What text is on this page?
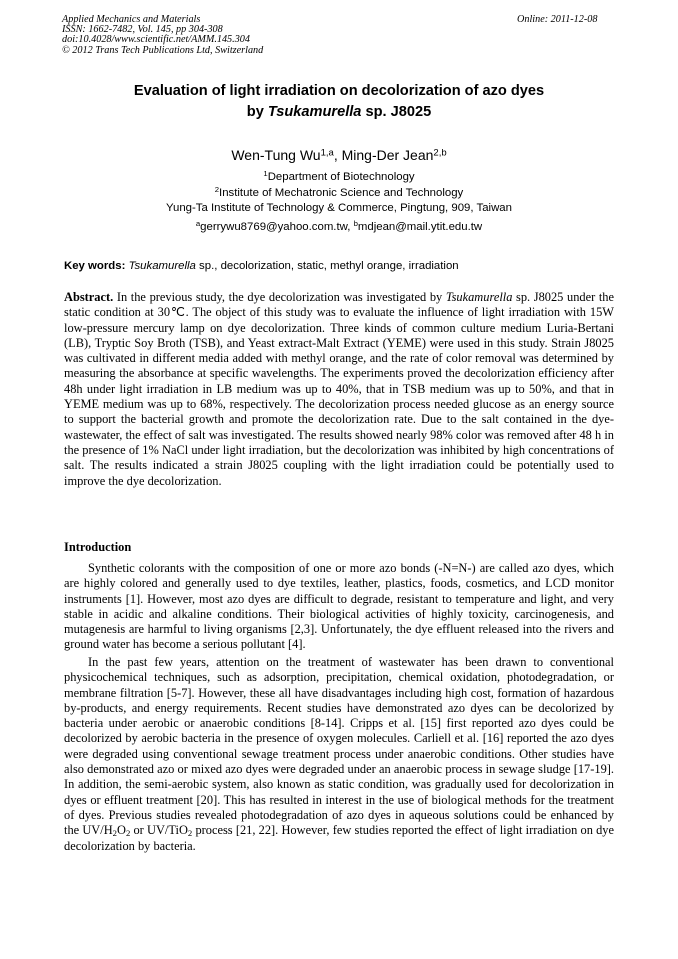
Applied Mechanics and Materials
ISSN: 1662-7482, Vol. 145, pp 304-308
doi:10.4028/www.scientific.net/AMM.145.304
© 2012 Trans Tech Publications Ltd, Switzerland
Online: 2011-12-08
Evaluation of light irradiation on decolorization of azo dyes
by Tsukamurella sp. J8025
Wen-Tung Wu$^{1,a}$, Ming-Der Jean$^{2,b}$
$^1$Department of Biotechnology
$^2$Institute of Mechatronic Science and Technology
Yung-Ta Institute of Technology & Commerce, Pingtung, 909, Taiwan
$^a$gerrywu8769@yahoo.com.tw, $^b$mdjean@mail.ytit.edu.tw
Key words: Tsukamurella sp., decolorization, static, methyl orange, irradiation
Abstract. In the previous study, the dye decolorization was investigated by Tsukamurella sp. J8025 under the static condition at 30℃. The object of this study was to evaluate the influence of light irradiation with 15W low-pressure mercury lamp on dye decolorization. Three kinds of common culture medium Luria-Bertani (LB), Tryptic Soy Broth (TSB), and Yeast extract-Malt Extract (YEME) were used in this study. Strain J8025 was cultivated in different media added with methyl orange, and the rate of color removal was determined by measuring the absorbance at specific wavelengths. The experiments proved the decolorization efficiency after 48h under light irradiation in LB medium was up to 40%, that in TSB medium was up to 50%, and that in YEME medium was up to 68%, respectively. The decolorization process needed glucose as an energy source to support the bacterial growth and promote the decolorization rate. Due to the salt contained in the dye-wastewater, the effect of salt was investigated. The results showed nearly 98% color was removed after 48 h in the presence of 1% NaCl under light irradiation, but the decolorization was inhibited by high concentrations of salt. The results indicated a strain J8025 coupling with the light irradiation could be potentially used to improve the dye decolorization.
Introduction
Synthetic colorants with the composition of one or more azo bonds (-N=N-) are called azo dyes, which are highly colored and generally used to dye textiles, leather, plastics, foods, cosmetics, and LCD monitor instruments [1]. However, most azo dyes are difficult to degrade, resistant to temperature and light, and very stable in acidic and alkaline conditions. Their biological activities of highly toxicity, carcinogenesis, and mutagenesis are harmful to living organisms [2,3]. Unfortunately, the dye effluent released into the rivers and ground water has become a serious pollutant [4].
In the past few years, attention on the treatment of wastewater has been drawn to conventional physicochemical techniques, such as adsorption, precipitation, chemical oxidation, photodegradation, or membrane filtration [5-7]. However, these all have disadvantages including high cost, formation of hazardous by-products, and energy requirements. Recent studies have demonstrated azo dyes can be decolorized by bacteria under aerobic or anaerobic conditions [8-14]. Cripps et al. [15] first reported azo dyes could be decolorized by aerobic bacteria in the presence of oxygen molecules. Carliell et al. [16] reported the azo dyes were degraded using conventional sewage treatment process under anaerobic conditions. Other studies have also demonstrated azo or mixed azo dyes were degraded under an anaerobic process in sewage sludge [17-19]. In addition, the semi-aerobic system, also known as static condition, was gradually used for decolorization in dyes or effluent treatment [20]. This has resulted in interest in the use of biological methods for the treatment of dyes. Previous studies revealed photodegradation of azo dyes in aqueous solutions could be enhanced by the $UV/H_2O_2$ or UV/TiO$_2$ process [21, 22]. However, few studies reported the effect of light irradiation on dye decolorization by bacteria.
